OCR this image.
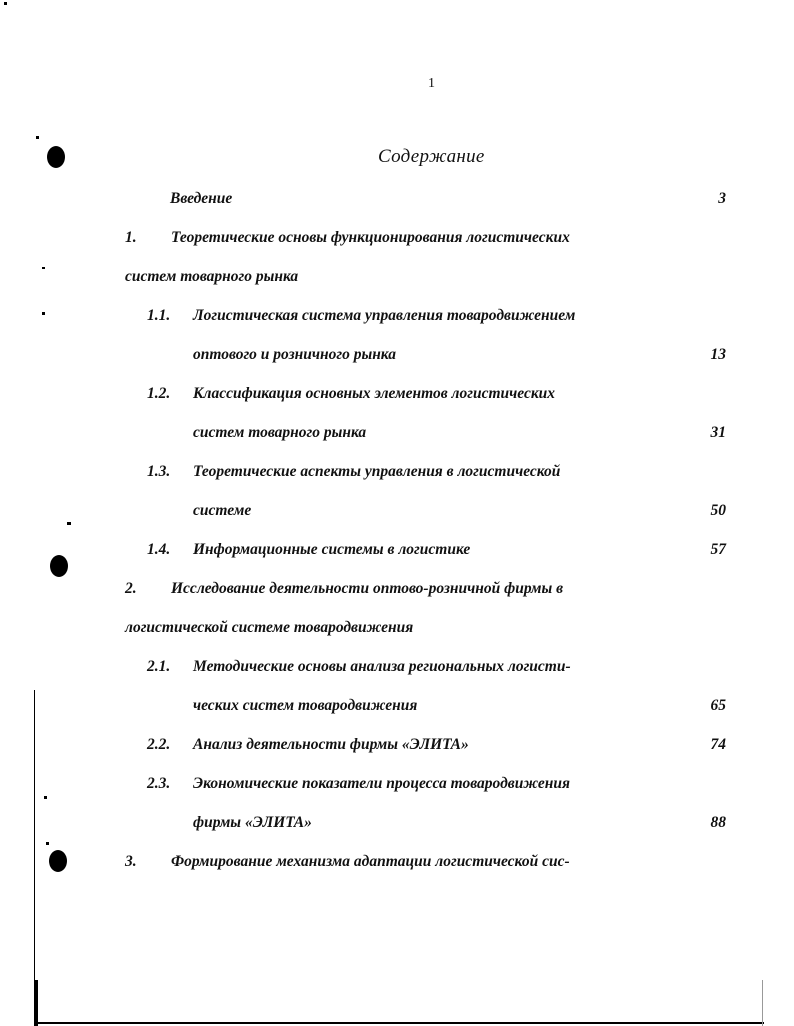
1
Содержание
Введение	3
1. Теоретические основы функционирования логистических
систем товарного рынка
1.1. Логистическая система управления товародвижением
оптового и розничного рынка	13
1.2. Классификация основных элементов логистических
систем товарного рынка	31
1.3. Теоретические аспекты управления в логистической
системе	50
1.4. Информационные системы в логистике	57
2. Исследование деятельности оптово-розничной фирмы в
логистической системе товародвижения
2.1. Методические основы анализа региональных логисти-
ческих систем товародвижения	65
2.2. Анализ деятельности фирмы «ЭЛИТА»	74
2.3. Экономические показатели процесса товародвижения
фирмы «ЭЛИТА»	88
3. Формирование механизма адаптации логистической сис-
